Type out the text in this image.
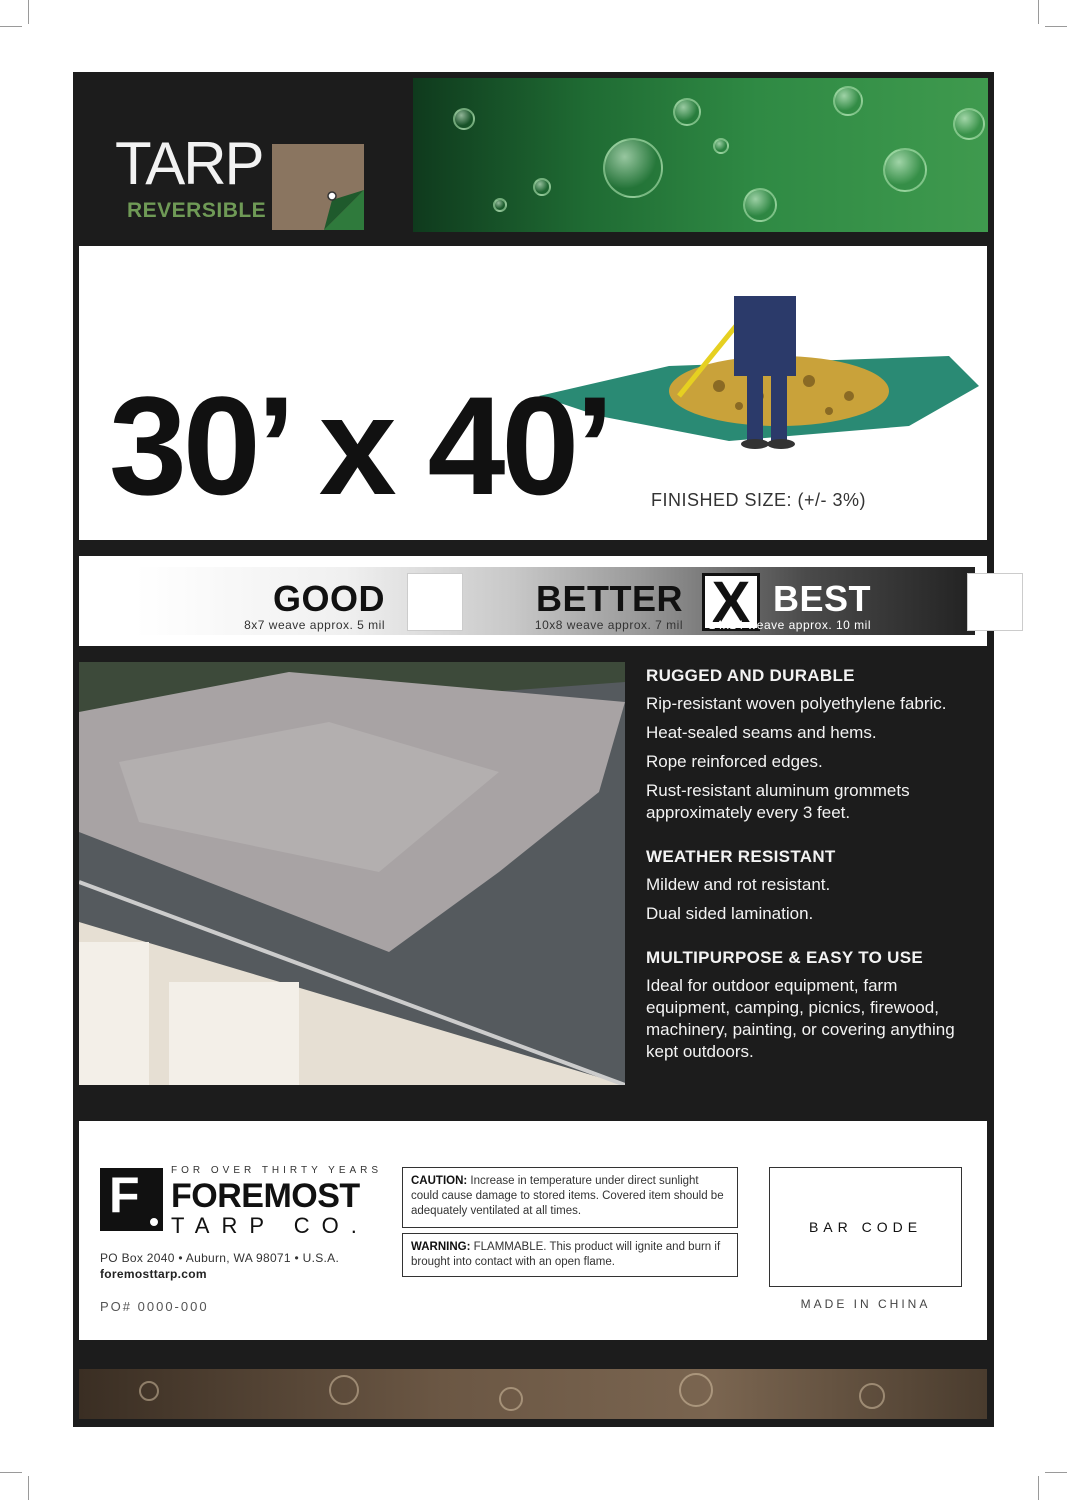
TARP
REVERSIBLE
30’ x 40’ FINISHED SIZE: (+/- 3%)
GOOD
8x7 weave approx. 5 mil
BETTER
10x8 weave approx. 7 mil X BEST
14x14 weave approx. 10 mil
RUGGED AND DURABLE
Rip-resistant woven polyethylene fabric.
Heat-sealed seams and hems.
Rope reinforced edges.
Rust-resistant aluminum grommets approximately every 3 feet.
WEATHER RESISTANT
Mildew and rot resistant.
Dual sided lamination.
MULTIPURPOSE & EASY TO USE
Ideal for outdoor equipment, farm equipment, camping, picnics, firewood, machinery, painting, or covering anything kept outdoors.
F	FOR OVER THIRTY YEARS
FOREMOST
TARP CO.
PO Box 2040 • Auburn, WA 98071 • U.S.A.
foremosttarp.com
PO# 0000-000
CAUTION: Increase in temperature under direct sunlight could cause damage to stored items. Covered item should be adequately ventilated at all times.
WARNING: FLAMMABLE. This product will ignite and burn if brought into contact with an open flame.
BAR CODE
MADE IN CHINA
